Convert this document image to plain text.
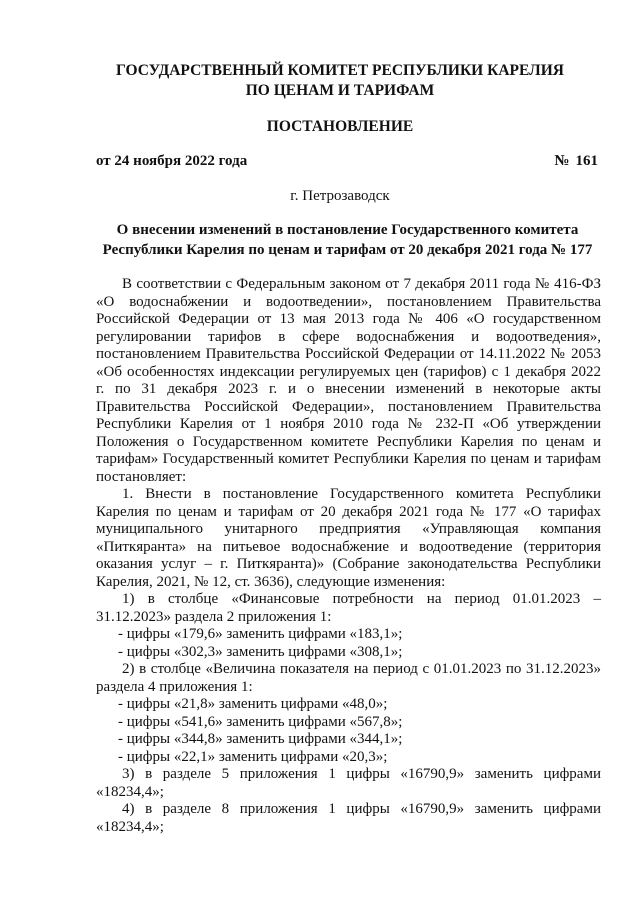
ГОСУДАРСТВЕННЫЙ КОМИТЕТ РЕСПУБЛИКИ КАРЕЛИЯ
ПО ЦЕНАМ И ТАРИФАМ
ПОСТАНОВЛЕНИЕ
от 24 ноября 2022 года	№ 161
г. Петрозаводск
О внесении изменений в постановление Государственного комитета
Республики Карелия по ценам и тарифам от 20 декабря 2021 года № 177

В соответствии с Федеральным законом от 7 декабря 2011 года № 416-ФЗ «О водоснабжении и водоотведении», постановлением Правительства Российской Федерации от 13 мая 2013 года № 406 «О государственном регулировании тарифов в сфере водоснабжения и водоотведения», постановлением Правительства Российской Федерации от 14.11.2022 № 2053 «Об особенностях индексации регулируемых цен (тарифов) с 1 декабря 2022 г. по 31 декабря 2023 г. и о внесении изменений в некоторые акты Правительства Российской Федерации», постановлением Правительства Республики Карелия от 1 ноября 2010 года № 232-П «Об утверждении Положения о Государственном комитете Республики Карелия по ценам и тарифам» Государственный комитет Республики Карелия по ценам и тарифам постановляет:

1. Внести в постановление Государственного комитета Республики Карелия по ценам и тарифам от 20 декабря 2021 года № 177 «О тарифах муниципального унитарного предприятия «Управляющая компания «Питкяранта» на питьевое водоснабжение и водоотведение (территория оказания услуг – г. Питкяранта)» (Собрание законодательства Республики Карелия, 2021, № 12, ст. 3636), следующие изменения:

1) в столбце «Финансовые потребности на период 01.01.2023 – 31.12.2023» раздела 2 приложения 1:

- цифры «179,6» заменить цифрами «183,1»;

- цифры «302,3» заменить цифрами «308,1»;

2) в столбце «Величина показателя на период с 01.01.2023 по 31.12.2023» раздела 4 приложения 1:

- цифры «21,8» заменить цифрами «48,0»;

- цифры «541,6» заменить цифрами «567,8»;

- цифры «344,8» заменить цифрами «344,1»;

- цифры «22,1» заменить цифрами «20,3»;

3) в разделе 5 приложения 1 цифры «16790,9» заменить цифрами «18234,4»;

4) в разделе 8 приложения 1 цифры «16790,9» заменить цифрами «18234,4»;
